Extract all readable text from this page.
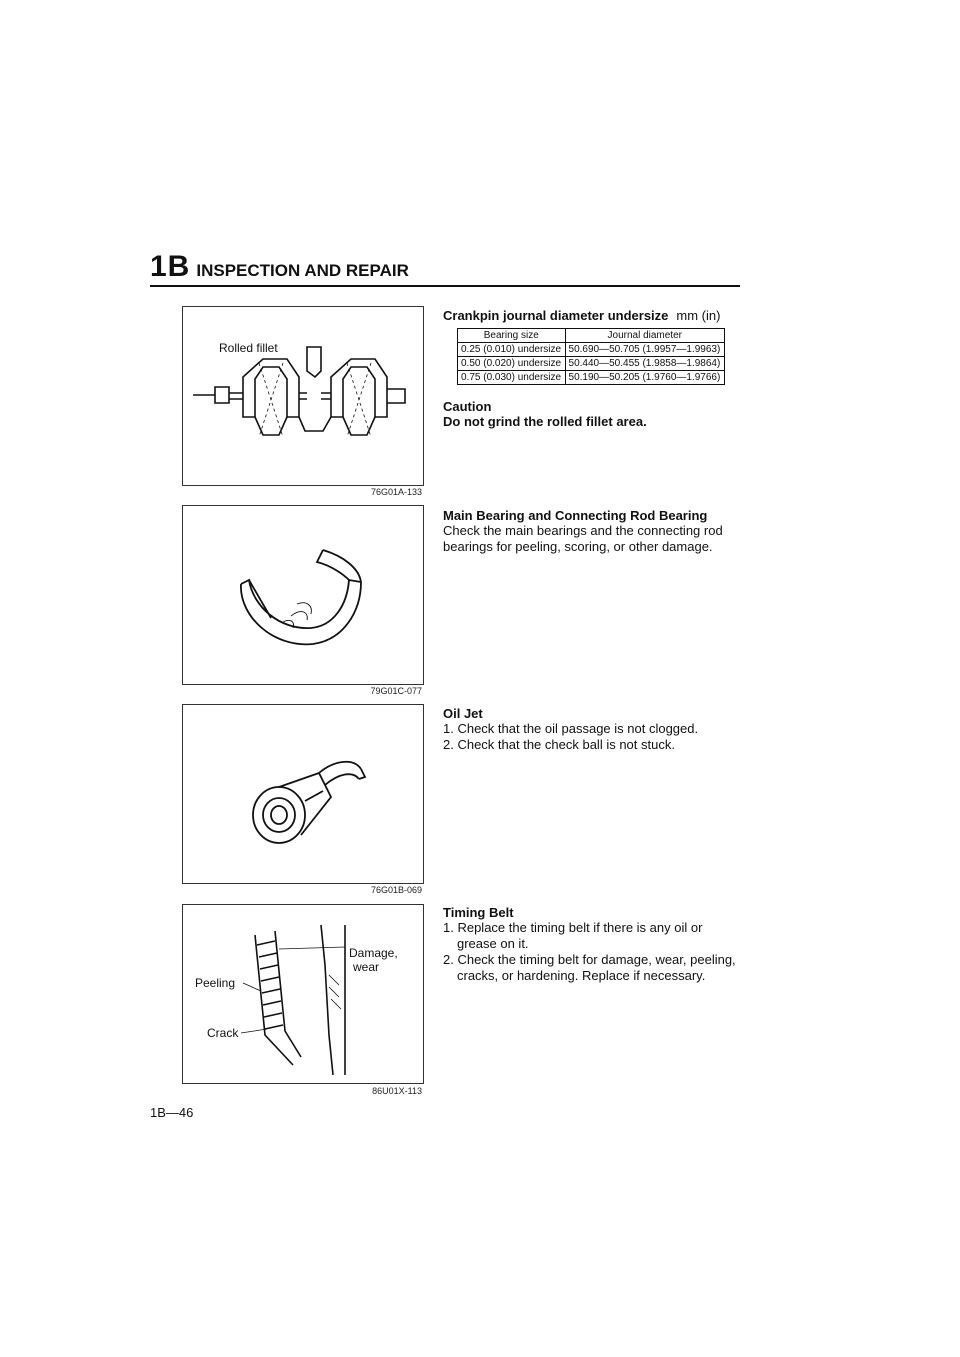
1B INSPECTION AND REPAIR
Rolled fillet
76G01A-133
79G01C-077
76G01B-069
Damage,
wear
Peeling
Crack
86U01X-113
Crankpin journal diameter undersize mm (in)
Bearing size	Journal diameter
0.25 (0.010) undersize	50.690—50.705 (1.9957—1.9963)
0.50 (0.020) undersize	50.440—50.455 (1.9858—1.9864)
0.75 (0.030) undersize	50.190—50.205 (1.9760—1.9766)
Caution
Do not grind the rolled fillet area.
Main Bearing and Connecting Rod Bearing
Check the main bearings and the connecting rod bearings for peeling, scoring, or other damage.
Oil Jet
1. Check that the oil passage is not clogged.
2. Check that the check ball is not stuck.
Timing Belt
1. Replace the timing belt if there is any oil or grease on it.
2. Check the timing belt for damage, wear, peeling, cracks, or hardening. Replace if necessary.
1B—46
